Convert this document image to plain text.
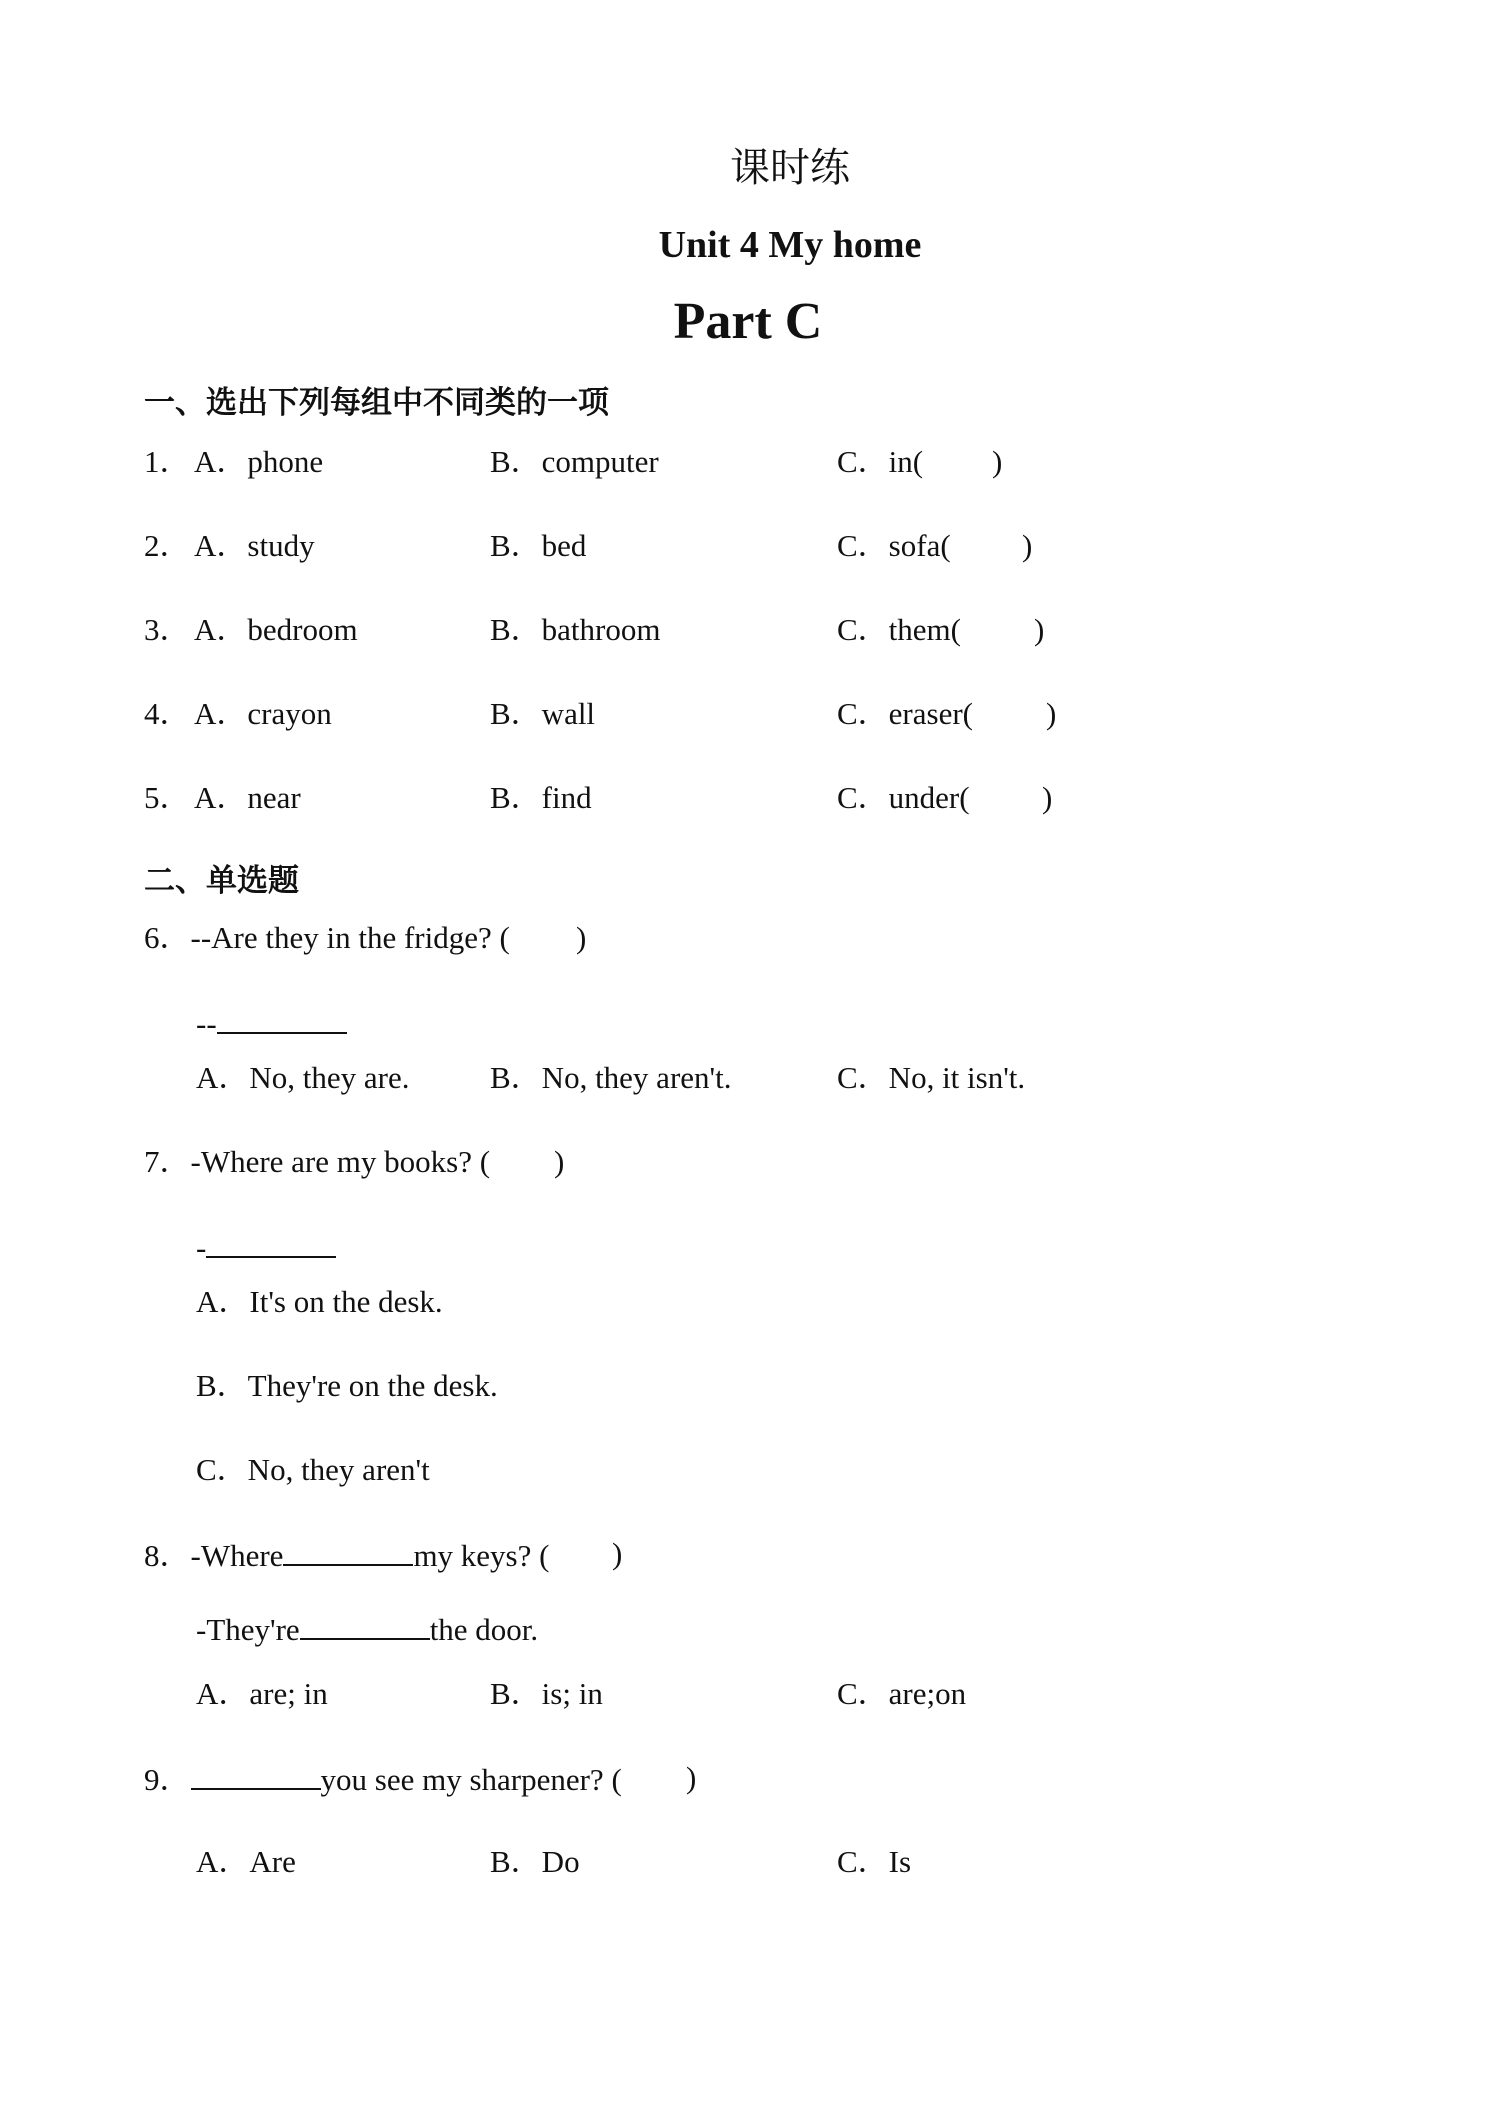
课时练
Unit 4 My home
Part C
一、选出下列每组中不同类的一项
1． A．phone	B．computer	C．in( )
2． A．study	B．bed	C．sofa( )
3． A．bedroom	B．bathroom	C．them( )
4． A．crayon	B．wall	C．eraser( )
5． A．near	B．find	C．under( )
二、单选题
6．--Are they in the fridge? ( )
--
A．No, they are.	B．No, they aren't.	C．No, it isn't.
7．-Where are my books? ( )
-
A．It's on the desk.
B．They're on the desk.
C．No, they aren't
8．-Where	my keys? ( )
-They're	the door.
A．are; in	B．is; in	C．are;on
9．	you see my sharpener? ( )
A．Are	B．Do	C．Is
